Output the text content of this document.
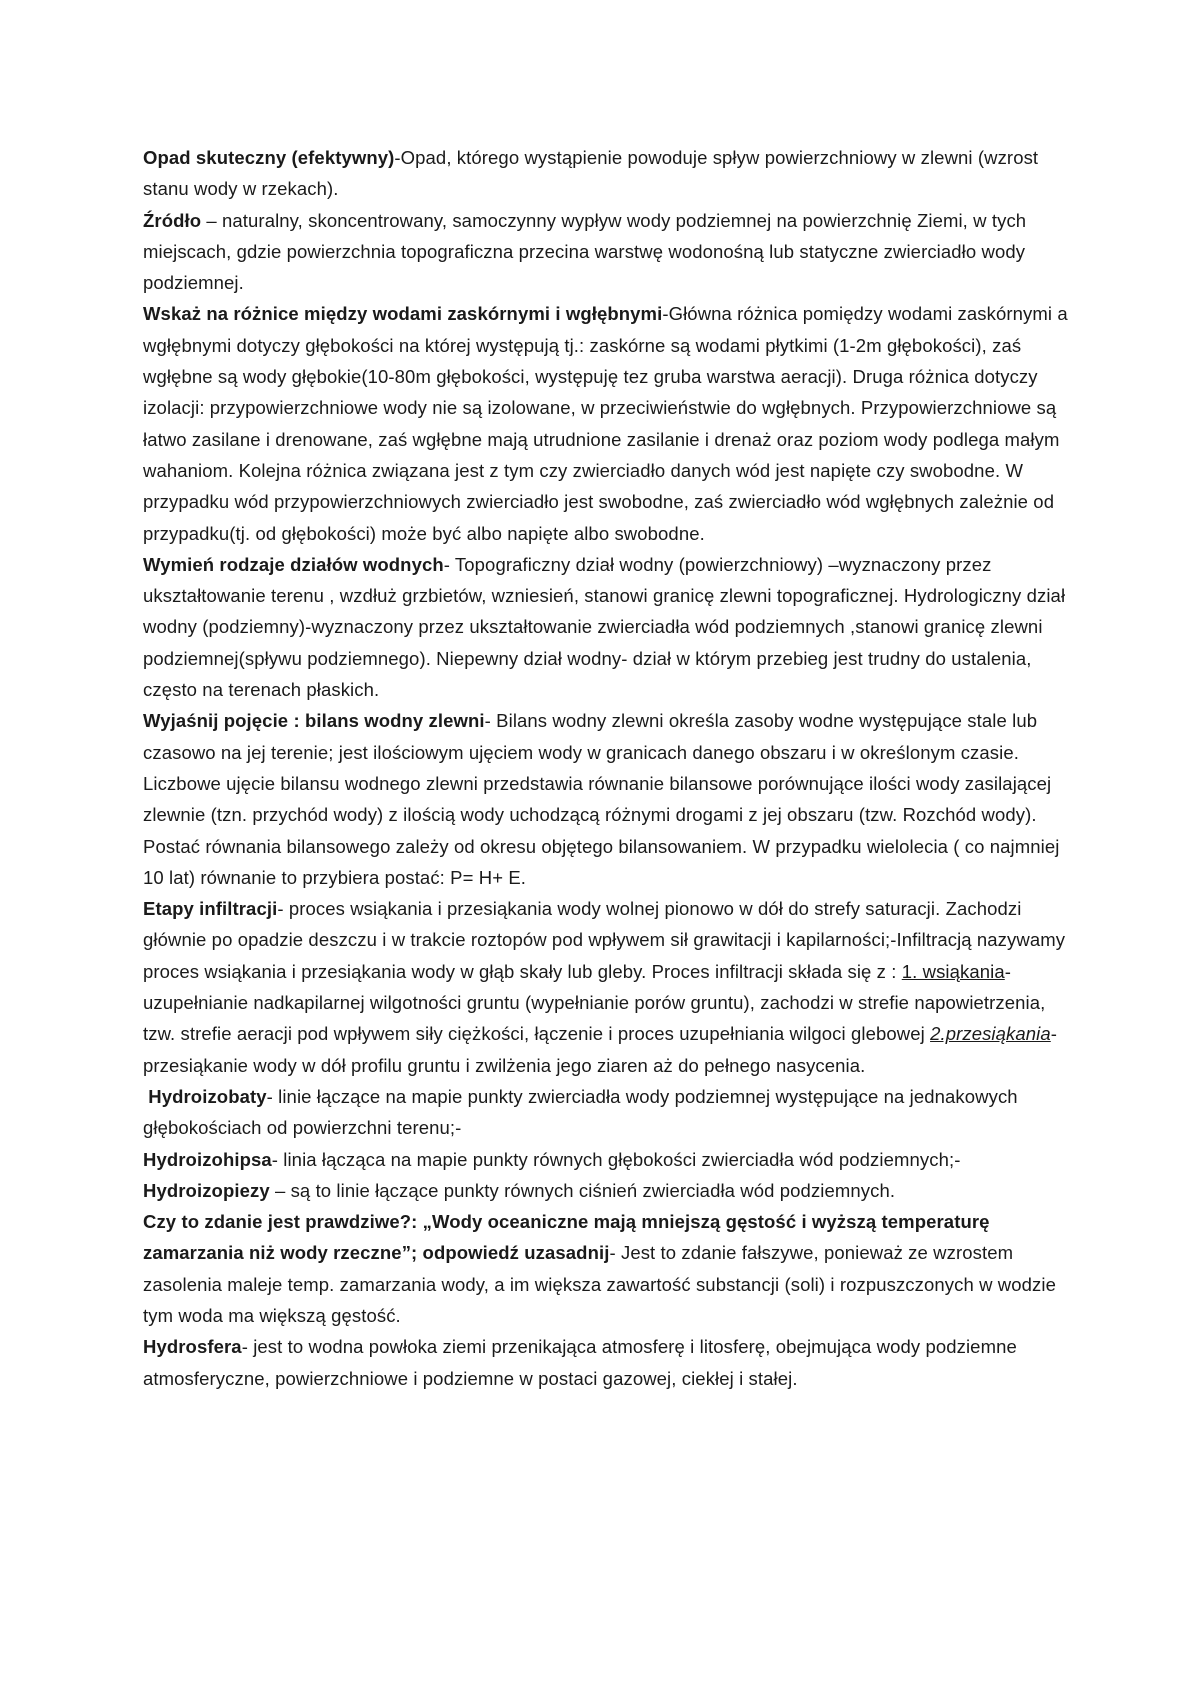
Opad skuteczny (efektywny)-Opad, którego wystąpienie powoduje spływ powierzchniowy w zlewni (wzrost stanu wody w rzekach).

Źródło – naturalny, skoncentrowany, samoczynny wypływ wody podziemnej na powierzchnię Ziemi, w tych miejscach, gdzie powierzchnia topograficzna przecina warstwę wodonośną lub statyczne zwierciadło wody podziemnej.

Wskaż na różnice między wodami zaskórnymi i wgłębnymi-Główna różnica pomiędzy wodami zaskórnymi a wgłębnymi dotyczy głębokości na której występują tj.: zaskórne są wodami płytkimi (1-2m głębokości), zaś wgłębne są wody głębokie(10-80m głębokości, występuję tez gruba warstwa aeracji). Druga różnica dotyczy izolacji: przypowierzchniowe wody nie są izolowane, w przeciwieństwie do wgłębnych. Przypowierzchniowe są łatwo zasilane i drenowane, zaś wgłębne mają utrudnione zasilanie i drenaż oraz poziom wody podlega małym wahaniom. Kolejna różnica związana jest z tym czy zwierciadło danych wód jest napięte czy swobodne. W przypadku wód przypowierzchniowych zwierciadło jest swobodne, zaś zwierciadło wód wgłębnych zależnie od przypadku(tj. od głębokości) może być albo napięte albo swobodne.

Wymień rodzaje działów wodnych- Topograficzny dział wodny (powierzchniowy) –wyznaczony przez ukształtowanie terenu , wzdłuż grzbietów, wzniesień, stanowi granicę zlewni topograficznej. Hydrologiczny dział wodny (podziemny)-wyznaczony przez ukształtowanie zwierciadła wód podziemnych ,stanowi granicę zlewni podziemnej(spływu podziemnego). Niepewny dział wodny- dział w którym przebieg jest trudny do ustalenia, często na terenach płaskich.

Wyjaśnij pojęcie : bilans wodny zlewni- Bilans wodny zlewni określa zasoby wodne występujące stale lub czasowo na jej terenie; jest ilościowym ujęciem wody w granicach danego obszaru i w określonym czasie. Liczbowe ujęcie bilansu wodnego zlewni przedstawia równanie bilansowe porównujące ilości wody zasilającej zlewnie (tzn. przychód wody) z ilością wody uchodzącą różnymi drogami z jej obszaru (tzw. Rozchód wody). Postać równania bilansowego zależy od okresu objętego bilansowaniem. W przypadku wielolecia ( co najmniej 10 lat) równanie to przybiera postać: P= H+ E.

Etapy infiltracji- proces wsiąkania i przesiąkania wody wolnej pionowo w dół do strefy saturacji. Zachodzi głównie po opadzie deszczu i w trakcie roztopów pod wpływem sił grawitacji i kapilarności;-Infiltracją nazywamy proces wsiąkania i przesiąkania wody w głąb skały lub gleby. Proces infiltracji składa się z : 1. wsiąkania- uzupełnianie nadkapilarnej wilgotności gruntu (wypełnianie porów gruntu), zachodzi w strefie napowietrzenia, tzw. strefie aeracji pod wpływem siły ciężkości, łączenie i proces uzupełniania wilgoci glebowej 2.przesiąkania- przesiąkanie wody w dół profilu gruntu i zwilżenia jego ziaren aż do pełnego nasycenia.

Hydroizobaty- linie łączące na mapie punkty zwierciadła wody podziemnej występujące na jednakowych głębokościach od powierzchni terenu;-

Hydroizohipsa- linia łącząca na mapie punkty równych głębokości zwierciadła wód podziemnych;-

Hydroizopiezy – są to linie łączące punkty równych ciśnień zwierciadła wód podziemnych.

Czy to zdanie jest prawdziwe?: „Wody oceaniczne mają mniejszą gęstość i wyższą temperaturę zamarzania niż wody rzeczne”; odpowiedź uzasadnij- Jest to zdanie fałszywe, ponieważ ze wzrostem zasolenia maleje temp. zamarzania wody, a im większa zawartość substancji (soli) i rozpuszczonych w wodzie tym woda ma większą gęstość.

Hydrosfera- jest to wodna powłoka ziemi przenikająca atmosferę i litosferę, obejmująca wody podziemne atmosferyczne, powierzchniowe i podziemne w postaci gazowej, ciekłej i stałej.
